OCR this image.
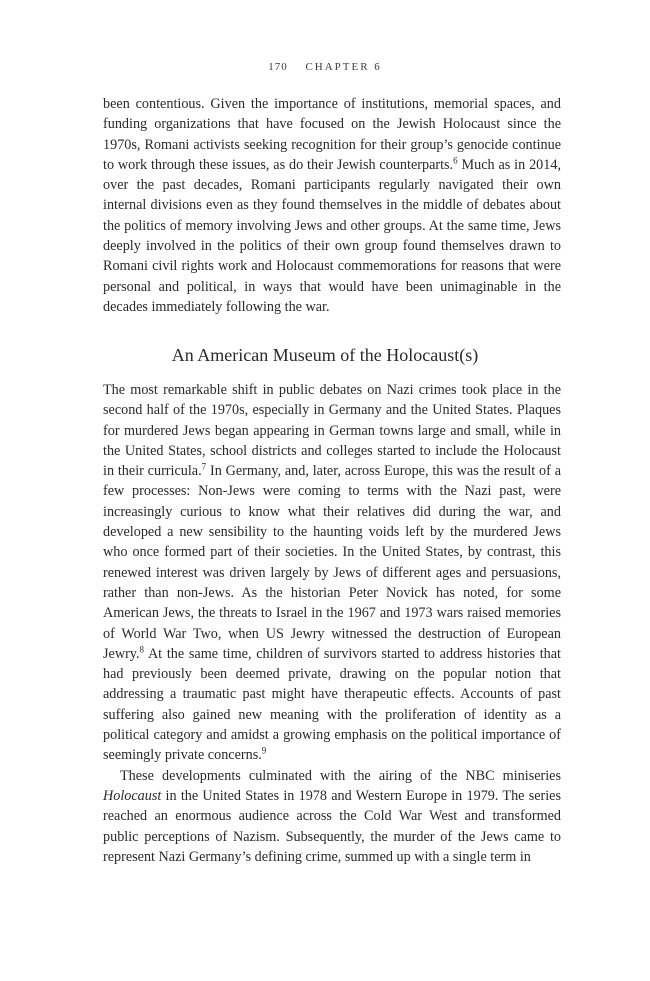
170 CHAPTER 6

been contentious. Given the importance of institutions, memorial spaces, and funding organizations that have focused on the Jewish Holocaust since the 1970s, Romani activists seeking recognition for their group’s genocide continue to work through these issues, as do their Jewish counterparts.$^6$ Much as in 2014, over the past decades, Romani participants regularly navigated their own internal divisions even as they found themselves in the middle of debates about the politics of memory involving Jews and other groups. At the same time, Jews deeply involved in the politics of their own group found themselves drawn to Romani civil rights work and Holocaust commemorations for reasons that were personal and political, in ways that would have been unimaginable in the decades immediately following the war.

An American Museum of the Holocaust(s)

The most remarkable shift in public debates on Nazi crimes took place in the second half of the 1970s, especially in Germany and the United States. Plaques for murdered Jews began appearing in German towns large and small, while in the United States, school districts and colleges started to include the Holocaust in their curricula.$^7$ In Germany, and, later, across Europe, this was the result of a few processes: Non-Jews were coming to terms with the Nazi past, were increasingly curious to know what their relatives did during the war, and developed a new sensibility to the haunting voids left by the murdered Jews who once formed part of their societies. In the United States, by contrast, this renewed interest was driven largely by Jews of different ages and persuasions, rather than non-Jews. As the historian Peter Novick has noted, for some American Jews, the threats to Israel in the 1967 and 1973 wars raised memories of World War Two, when US Jewry witnessed the destruction of European Jewry.$^8$ At the same time, children of survivors started to address histories that had previously been deemed private, drawing on the popular notion that addressing a traumatic past might have therapeutic effects. Accounts of past suffering also gained new meaning with the proliferation of identity as a political category and amidst a growing emphasis on the political importance of seemingly private concerns.$^9$

These developments culminated with the airing of the NBC miniseries Holocaust in the United States in 1978 and Western Europe in 1979. The series reached an enormous audience across the Cold War West and transformed public perceptions of Nazism. Subsequently, the murder of the Jews came to represent Nazi Germany’s defining crime, summed up with a single term in
